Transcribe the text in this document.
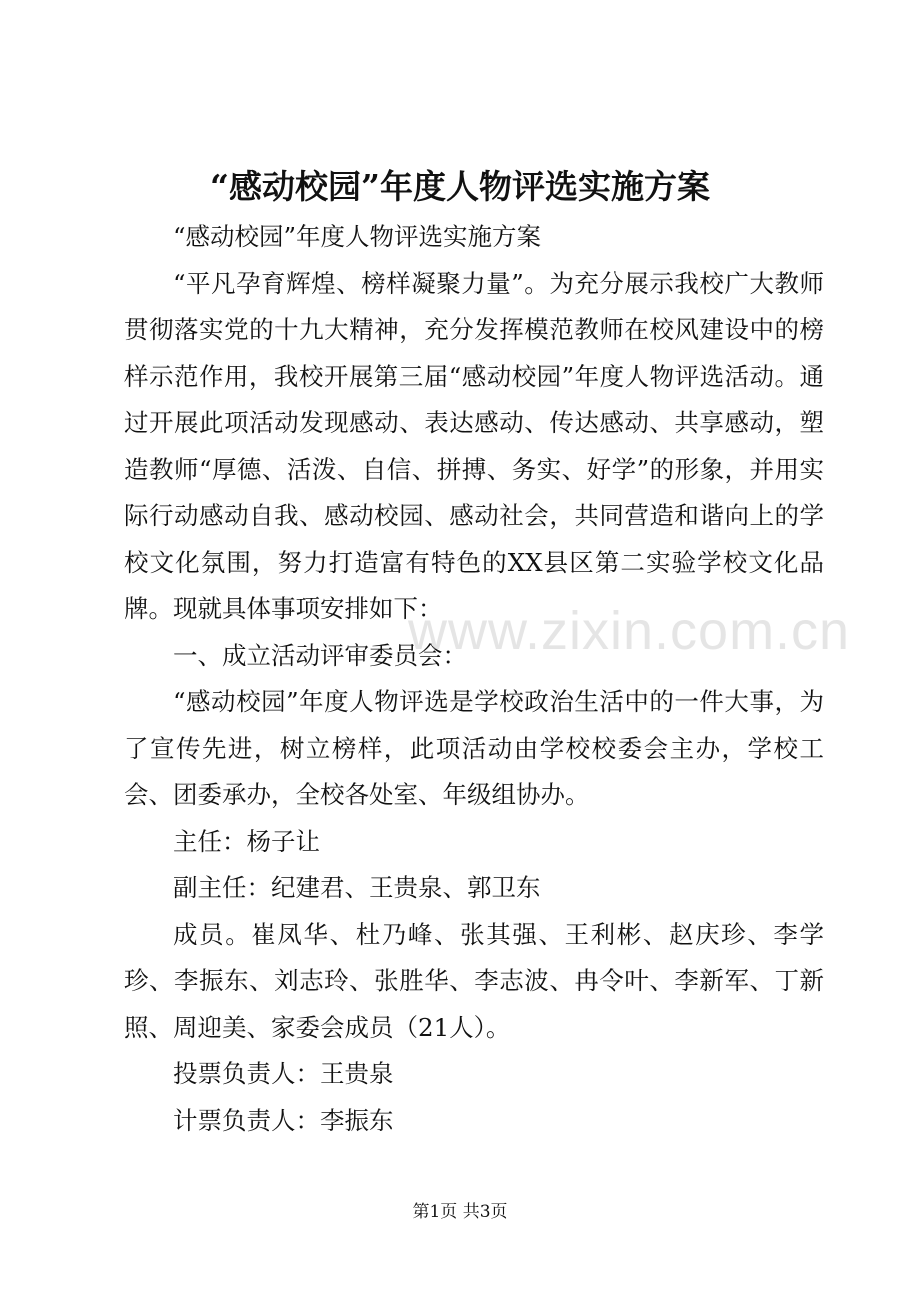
“感动校园”年度人物评选实施方案

“感动校园”年度人物评选实施方案

“平凡孕育辉煌、榜样凝聚力量”。为充分展示我校广大教师贯彻落实党的十九大精神，充分发挥模范教师在校风建设中的榜样示范作用，我校开展第三届“感动校园”年度人物评选活动。通过开展此项活动发现感动、表达感动、传达感动、共享感动，塑造教师“厚德、活泼、自信、拼搏、务实、好学”的形象，并用实际行动感动自我、感动校园、感动社会，共同营造和谐向上的学校文化氛围，努力打造富有特色的XX县区第二实验学校文化品牌。现就具体事项安排如下：

一、成立活动评审委员会：

“感动校园”年度人物评选是学校政治生活中的一件大事，为了宣传先进，树立榜样，此项活动由学校校委会主办，学校工会、团委承办，全校各处室、年级组协办。

主任：杨子让

副主任：纪建君、王贵泉、郭卫东

成员。崔凤华、杜乃峰、张其强、王利彬、赵庆珍、李学珍、李振东、刘志玲、张胜华、李志波、冉令叶、李新军、丁新照、周迎美、家委会成员（21人）。

投票负责人：王贵泉

计票负责人：李振东

www.zixin.com.cn
第1页 共3页
